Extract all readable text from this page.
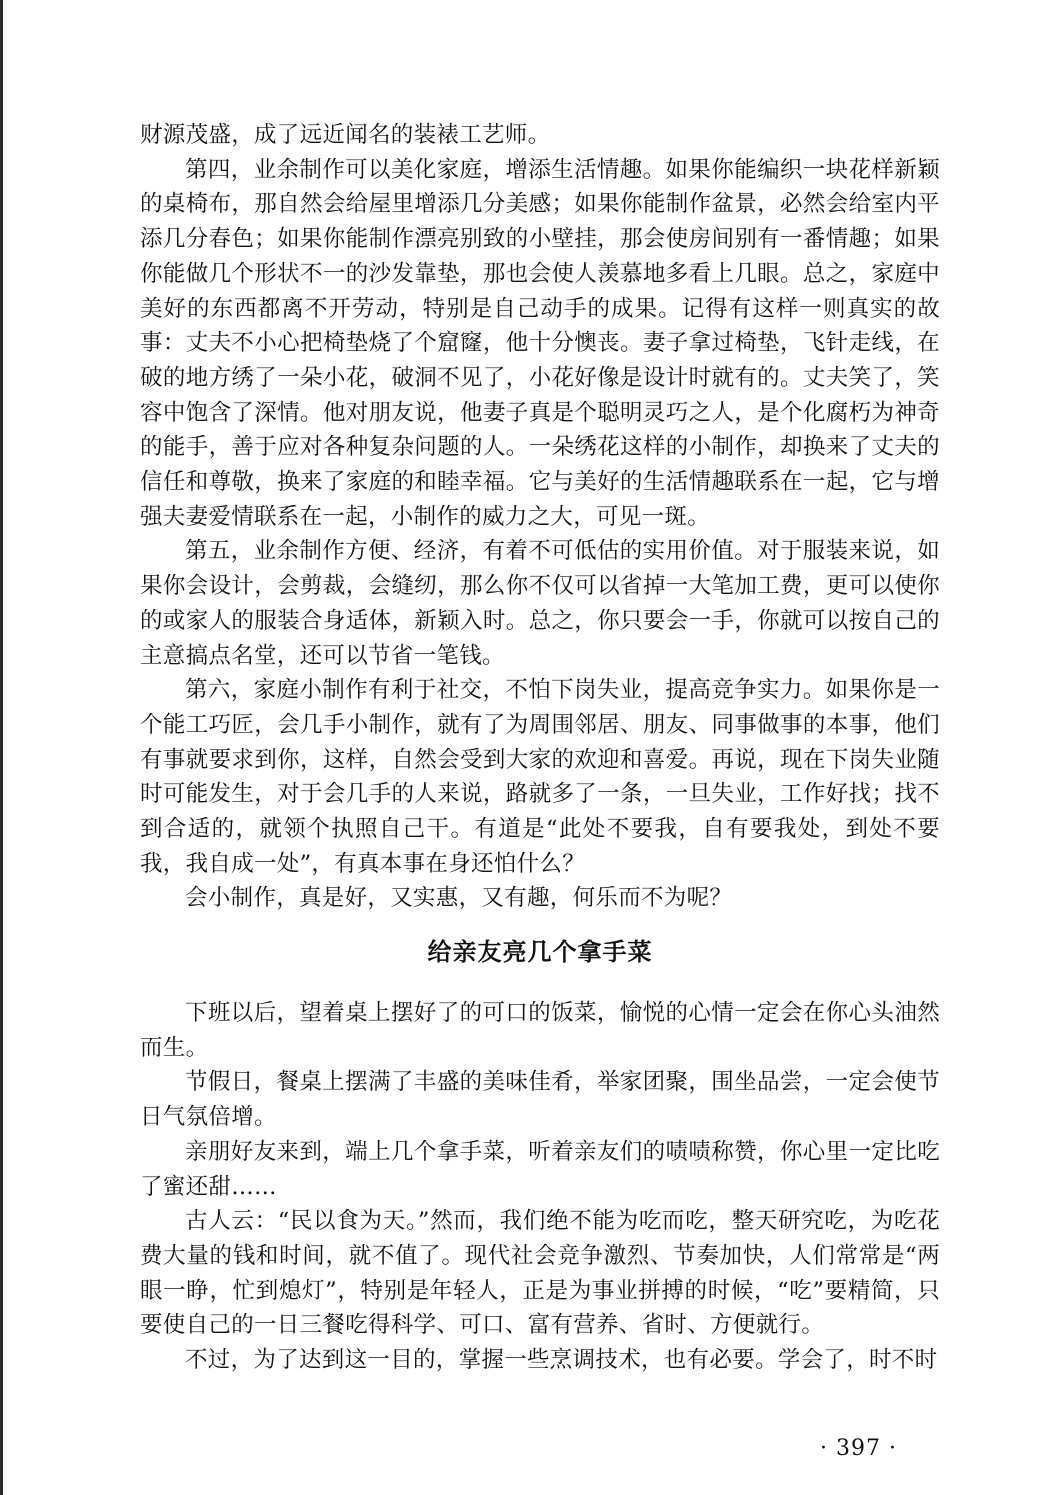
财源茂盛，成了远近闻名的装裱工艺师。

第四，业余制作可以美化家庭，增添生活情趣。如果你能编织一块花样新颖的桌椅布，那自然会给屋里增添几分美感；如果你能制作盆景，必然会给室内平添几分春色；如果你能制作漂亮别致的小壁挂，那会使房间别有一番情趣；如果你能做几个形状不一的沙发靠垫，那也会使人羡慕地多看上几眼。总之，家庭中美好的东西都离不开劳动，特别是自己动手的成果。记得有这样一则真实的故事：丈夫不小心把椅垫烧了个窟窿，他十分懊丧。妻子拿过椅垫，飞针走线，在破的地方绣了一朵小花，破洞不见了，小花好像是设计时就有的。丈夫笑了，笑容中饱含了深情。他对朋友说，他妻子真是个聪明灵巧之人，是个化腐朽为神奇的能手，善于应对各种复杂问题的人。一朵绣花这样的小制作，却换来了丈夫的信任和尊敬，换来了家庭的和睦幸福。它与美好的生活情趣联系在一起，它与增强夫妻爱情联系在一起，小制作的威力之大，可见一斑。

第五，业余制作方便、经济，有着不可低估的实用价值。对于服装来说，如果你会设计，会剪裁，会缝纫，那么你不仅可以省掉一大笔加工费，更可以使你的或家人的服装合身适体，新颖入时。总之，你只要会一手，你就可以按自己的主意搞点名堂，还可以节省一笔钱。

第六，家庭小制作有利于社交，不怕下岗失业，提高竞争实力。如果你是一个能工巧匠，会几手小制作，就有了为周围邻居、朋友、同事做事的本事，他们有事就要求到你，这样，自然会受到大家的欢迎和喜爱。再说，现在下岗失业随时可能发生，对于会几手的人来说，路就多了一条，一旦失业，工作好找；找不到合适的，就领个执照自己干。有道是“此处不要我，自有要我处，到处不要我，我自成一处”，有真本事在身还怕什么？

会小制作，真是好，又实惠，又有趣，何乐而不为呢？

给亲友亮几个拿手菜

下班以后，望着桌上摆好了的可口的饭菜，愉悦的心情一定会在你心头油然而生。

节假日，餐桌上摆满了丰盛的美味佳肴，举家团聚，围坐品尝，一定会使节日气氛倍增。

亲朋好友来到，端上几个拿手菜，听着亲友们的啧啧称赞，你心里一定比吃了蜜还甜……

古人云：“民以食为天。”然而，我们绝不能为吃而吃，整天研究吃，为吃花费大量的钱和时间，就不值了。现代社会竞争激烈、节奏加快，人们常常是“两眼一睁，忙到熄灯”，特别是年轻人，正是为事业拼搏的时候，“吃”要精简，只要使自己的一日三餐吃得科学、可口、富有营养、省时、方便就行。

不过，为了达到这一目的，掌握一些烹调技术，也有必要。学会了，时不时

· 397 ·
